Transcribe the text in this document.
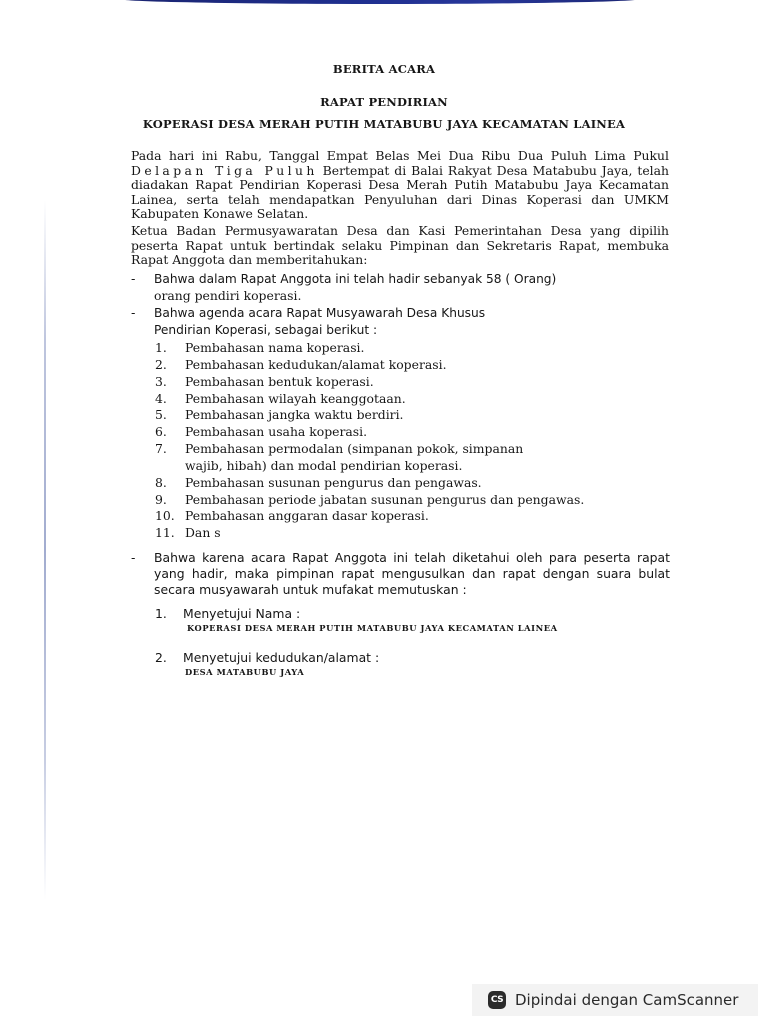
BERITA ACARA
RAPAT PENDIRIAN
KOPERASI DESA MERAH PUTIH MATABUBU JAYA KECAMATAN LAINEA

Pada hari ini Rabu, Tanggal Empat Belas Mei Dua Ribu Dua Puluh Lima Pukul Delapan Tiga Puluh Bertempat di Balai Rakyat Desa Matabubu Jaya, telah diadakan Rapat Pendirian Koperasi Desa Merah Putih Matabubu Jaya Kecamatan Lainea, serta telah mendapatkan Penyuluhan dari Dinas Koperasi dan UMKM Kabupaten Konawe Selatan.

Ketua Badan Permusyawaratan Desa dan Kasi Pemerintahan Desa yang dipilih peserta Rapat untuk bertindak selaku Pimpinan dan Sekretaris Rapat, membuka Rapat Anggota dan memberitahukan:

- Bahwa dalam Rapat Anggota ini telah hadir sebanyak 58 ( Orang)
orang pendiri koperasi.
- Bahwa agenda acara Rapat Musyawarah Desa Khusus
Pendirian Koperasi, sebagai berikut :
1. Pembahasan nama koperasi.
2. Pembahasan kedudukan/alamat koperasi.
3. Pembahasan bentuk koperasi.
4. Pembahasan wilayah keanggotaan.
5. Pembahasan jangka waktu berdiri.
6. Pembahasan usaha koperasi.
7. Pembahasan permodalan (simpanan pokok, simpanan wajib, hibah) dan modal pendirian koperasi.
8. Pembahasan susunan pengurus dan pengawas.
9. Pembahasan periode jabatan susunan pengurus dan pengawas.
10. Pembahasan anggaran dasar koperasi.
11. Dan s
- Bahwa karena acara Rapat Anggota ini telah diketahui oleh para peserta rapat yang hadir, maka pimpinan rapat mengusulkan dan rapat dengan suara bulat secara musyawarah untuk mufakat memutuskan :
1. Menyetujui Nama :
KOPERASI DESA MERAH PUTIH MATABUBU JAYA KECAMATAN LAINEA
2. Menyetujui kedudukan/alamat :
DESA MATABUBU JAYA
CS Dipindai dengan CamScanner
